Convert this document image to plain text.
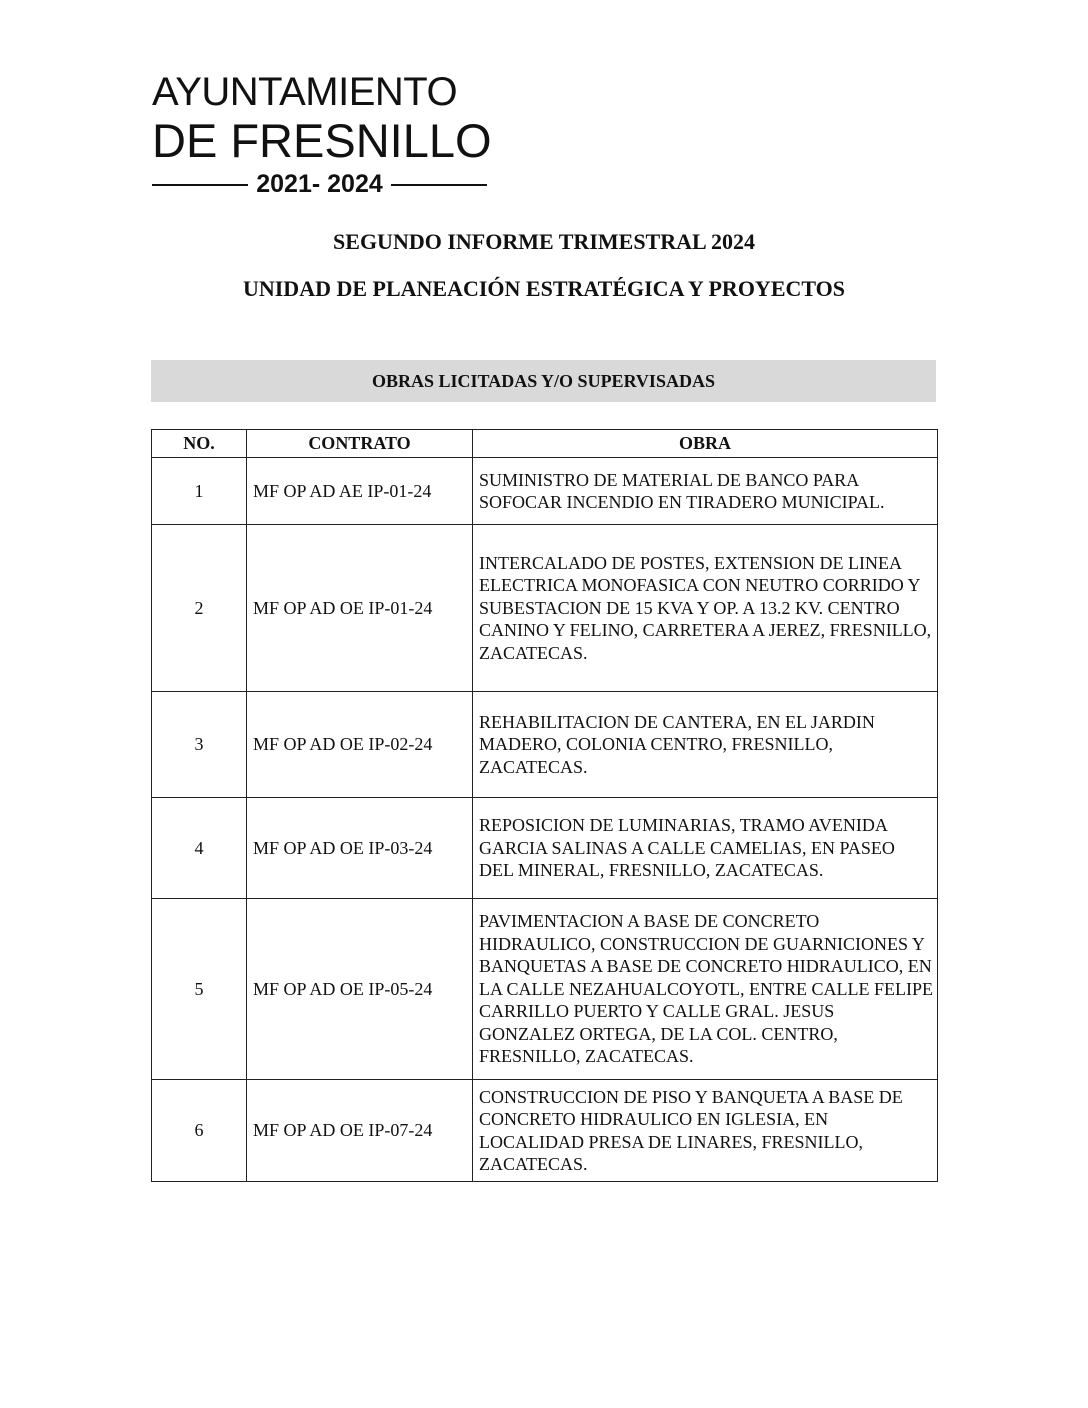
AYUNTAMIENTO
DE FRESNILLO
2021- 2024
SEGUNDO INFORME TRIMESTRAL 2024
UNIDAD DE PLANEACIÓN ESTRATÉGICA Y PROYECTOS
OBRAS LICITADAS Y/O SUPERVISADAS
NO.	CONTRATO	OBRA
1	MF OP AD AE IP-01-24	SUMINISTRO DE MATERIAL DE BANCO PARA SOFOCAR INCENDIO EN TIRADERO MUNICIPAL.
2	MF OP AD OE IP-01-24	INTERCALADO DE POSTES, EXTENSION DE LINEA ELECTRICA MONOFASICA CON NEUTRO CORRIDO Y SUBESTACION DE 15 KVA Y OP. A 13.2 KV. CENTRO CANINO Y FELINO, CARRETERA A JEREZ, FRESNILLO, ZACATECAS.
3	MF OP AD OE IP-02-24	REHABILITACION DE CANTERA, EN EL JARDIN MADERO, COLONIA CENTRO, FRESNILLO, ZACATECAS.
4	MF OP AD OE IP-03-24	REPOSICION DE LUMINARIAS, TRAMO AVENIDA GARCIA SALINAS A CALLE CAMELIAS, EN PASEO DEL MINERAL, FRESNILLO, ZACATECAS.
5	MF OP AD OE IP-05-24	PAVIMENTACION A BASE DE CONCRETO HIDRAULICO, CONSTRUCCION DE GUARNICIONES Y BANQUETAS A BASE DE CONCRETO HIDRAULICO, EN LA CALLE NEZAHUALCOYOTL, ENTRE CALLE FELIPE CARRILLO PUERTO Y CALLE GRAL. JESUS GONZALEZ ORTEGA, DE LA COL. CENTRO, FRESNILLO, ZACATECAS.
6	MF OP AD OE IP-07-24	CONSTRUCCION DE PISO Y BANQUETA A BASE DE CONCRETO HIDRAULICO EN IGLESIA, EN LOCALIDAD PRESA DE LINARES, FRESNILLO, ZACATECAS.
